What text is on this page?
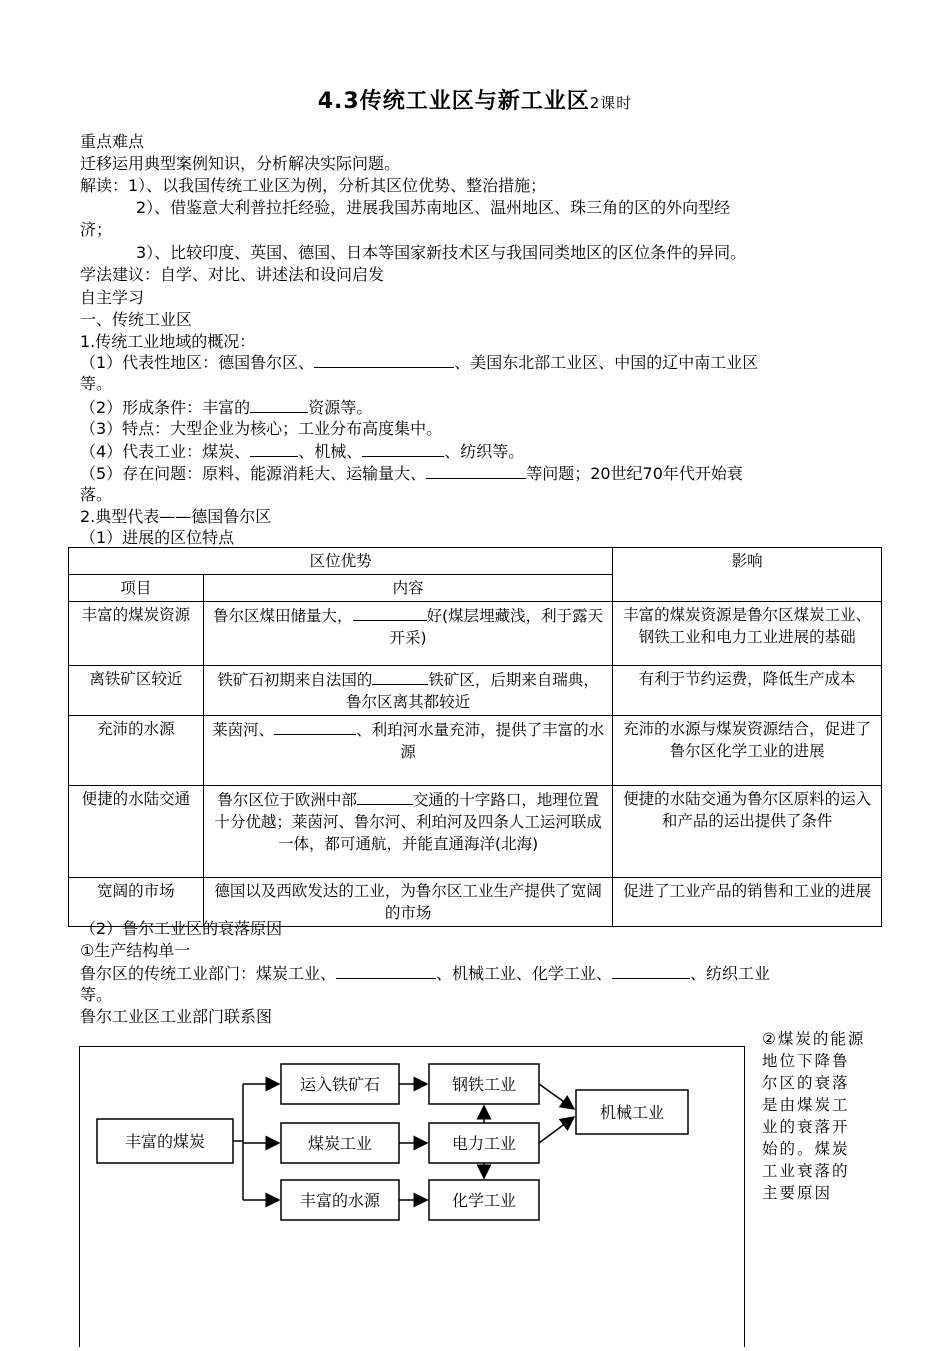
4.3传统工业区与新工业区2课时
重点难点
迁移运用典型案例知识，分析解决实际问题。
解读：1）、以我国传统工业区为例，分析其区位优势、整治措施；
2）、借鉴意大利普拉托经验，进展我国苏南地区、温州地区、珠三角的区的外向型经
济；
3）、比较印度、英国、德国、日本等国家新技术区与我国同类地区的区位条件的异同。
学法建议：自学、对比、讲述法和设问启发
自主学习
一、传统工业区
1.传统工业地域的概况：
（1）代表性地区：德国鲁尔区、	、美国东北部工业区、中国的辽中南工业区
等。
（2）形成条件：丰富的	资源等。
（3）特点：大型企业为核心；工业分布高度集中。
（4）代表工业：煤炭、	、机械、	、纺织等。
（5）存在问题：原料、能源消耗大、运输量大、	等问题；20世纪70年代开始衰
落。
2.典型代表——德国鲁尔区
（1）进展的区位特点
区位优势		影响
项目	内容	
丰富的煤炭资源	鲁尔区煤田储量大， 好(煤层埋藏浅，利于露天开采)	丰富的煤炭资源是鲁尔区煤炭工业、钢铁工业和电力工业进展的基础
离铁矿区较近	铁矿石初期来自法国的 铁矿区，后期来自瑞典，鲁尔区离其都较近	有利于节约运费，降低生产成本
充沛的水源	莱茵河、 、利珀河水量充沛，提供了丰富的水源	充沛的水源与煤炭资源结合，促进了鲁尔区化学工业的进展
便捷的水陆交通	鲁尔区位于欧洲中部 交通的十字路口，地理位置十分优越；莱茵河、鲁尔河、利珀河及四条人工运河联成一体，都可通航，并能直通海洋(北海)	便捷的水陆交通为鲁尔区原料的运入和产品的运出提供了条件
宽阔的市场	德国以及西欧发达的工业，为鲁尔区工业生产提供了宽阔的市场	促进了工业产品的销售和工业的进展
（2）鲁尔工业区的衰落原因
①生产结构单一
鲁尔区的传统工业部门：煤炭工业、	、机械工业、化学工业、	、纺织工业
等。
鲁尔工业区工业部门联系图
丰富的煤炭
运入铁矿石
煤炭工业
丰富的水源
钢铁工业
电力工业
化学工业
机械工业
②煤炭的能源地位下降鲁尔区的衰落是由煤炭工业的衰落开始的。煤炭工业衰落的主要原因
